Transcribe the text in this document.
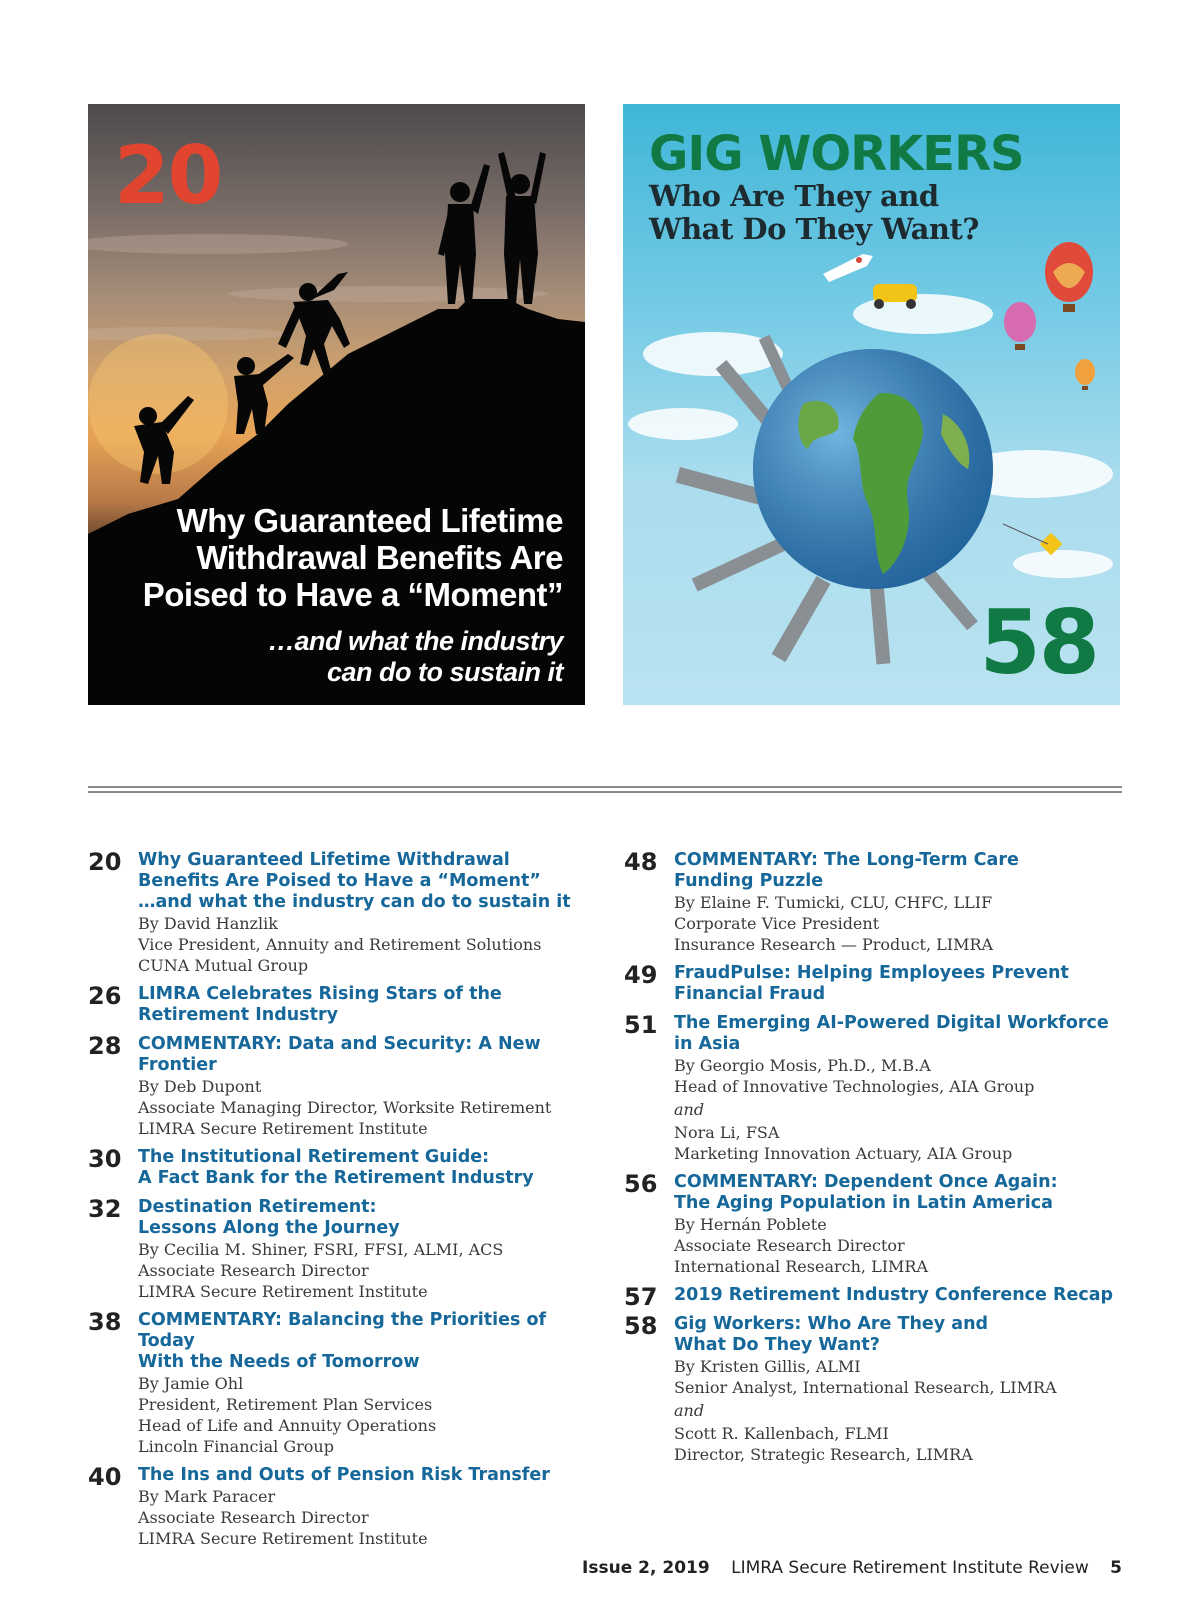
20
Why Guaranteed Lifetime
Withdrawal Benefits Are
Poised to Have a “Moment”
…and what the industry
can do to sustain it
GIG WORKERS
Who Are They and
What Do They Want?
58
20 Why Guaranteed Lifetime Withdrawal
Benefits Are Poised to Have a “Moment”
…and what the industry can do to sustain it
By David Hanzlik
Vice President, Annuity and Retirement Solutions
CUNA Mutual Group
26 LIMRA Celebrates Rising Stars of the
Retirement Industry
28 COMMENTARY: Data and Security: A New Frontier
By Deb Dupont
Associate Managing Director, Worksite Retirement
LIMRA Secure Retirement Institute
30 The Institutional Retirement Guide:
A Fact Bank for the Retirement Industry
32 Destination Retirement:
Lessons Along the Journey
By Cecilia M. Shiner, FSRI, FFSI, ALMI, ACS
Associate Research Director
LIMRA Secure Retirement Institute
38 COMMENTARY: Balancing the Priorities of Today
With the Needs of Tomorrow
By Jamie Ohl
President, Retirement Plan Services
Head of Life and Annuity Operations
Lincoln Financial Group
40 The Ins and Outs of Pension Risk Transfer
By Mark Paracer
Associate Research Director
LIMRA Secure Retirement Institute
48 COMMENTARY: The Long-Term Care
Funding Puzzle
By Elaine F. Tumicki, CLU, CHFC, LLIF
Corporate Vice President
Insurance Research — Product, LIMRA
49 FraudPulse: Helping Employees Prevent
Financial Fraud
51 The Emerging AI-Powered Digital Workforce
in Asia
By Georgio Mosis, Ph.D., M.B.A
Head of Innovative Technologies, AIA Group
and
Nora Li, FSA
Marketing Innovation Actuary, AIA Group
56 COMMENTARY: Dependent Once Again:
The Aging Population in Latin America
By Hernán Poblete
Associate Research Director
International Research, LIMRA
57 2019 Retirement Industry Conference Recap
58 Gig Workers: Who Are They and
What Do They Want?
By Kristen Gillis, ALMI
Senior Analyst, International Research, LIMRA
and
Scott R. Kallenbach, FLMI
Director, Strategic Research, LIMRA
Issue 2, 2019 LIMRA Secure Retirement Institute Review 5
